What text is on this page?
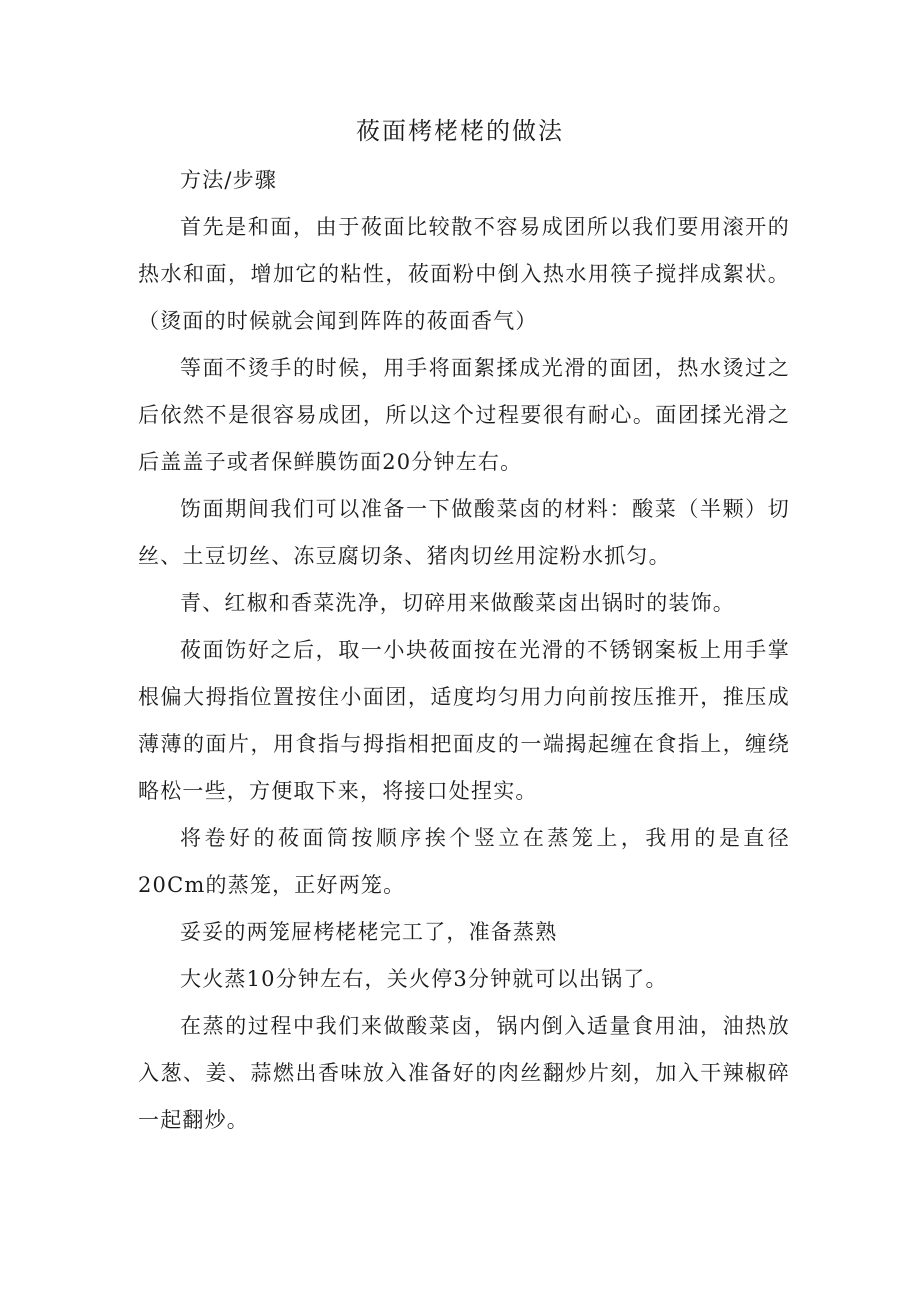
莜面栲栳栳的做法

方法/步骤

首先是和面，由于莜面比较散不容易成团所以我们要用滚开的热水和面，增加它的粘性，莜面粉中倒入热水用筷子搅拌成絮状。（烫面的时候就会闻到阵阵的莜面香气）

等面不烫手的时候，用手将面絮揉成光滑的面团，热水烫过之后依然不是很容易成团，所以这个过程要很有耐心。面团揉光滑之后盖盖子或者保鲜膜饬面20分钟左右。

饬面期间我们可以准备一下做酸菜卤的材料：酸菜（半颗）切丝、土豆切丝、冻豆腐切条、猪肉切丝用淀粉水抓匀。

青、红椒和香菜洗净，切碎用来做酸菜卤出锅时的装饰。

莜面饬好之后，取一小块莜面按在光滑的不锈钢案板上用手掌根偏大拇指位置按住小面团，适度均匀用力向前按压推开，推压成薄薄的面片，用食指与拇指相把面皮的一端揭起缠在食指上，缠绕略松一些，方便取下来，将接口处捏实。

将卷好的莜面筒按顺序挨个竖立在蒸笼上，我用的是直径20Cm的蒸笼，正好两笼。

妥妥的两笼屉栲栳栳完工了，准备蒸熟

大火蒸10分钟左右，关火停3分钟就可以出锅了。

在蒸的过程中我们来做酸菜卤，锅内倒入适量食用油，油热放入葱、姜、蒜燃出香味放入准备好的肉丝翻炒片刻，加入干辣椒碎一起翻炒。
